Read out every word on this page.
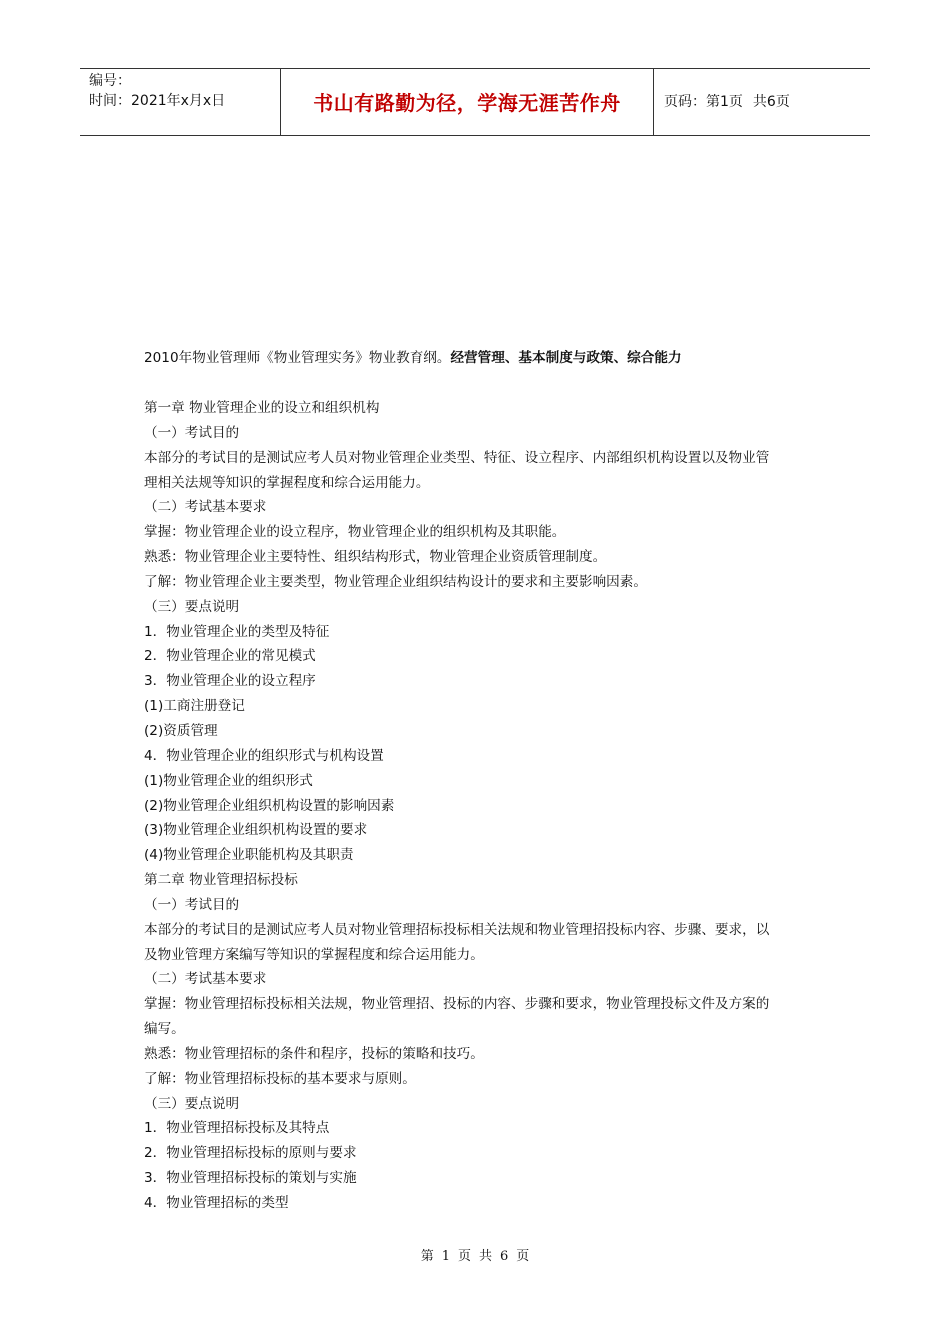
编号：
时间：2021年x月x日	书山有路勤为径，学海无涯苦作舟	页码：第1页 共6页
2010年物业管理师《物业管理实务》物业教育纲。经营管理、基本制度与政策、综合能力
第一章 物业管理企业的设立和组织机构
（一）考试目的
本部分的考试目的是测试应考人员对物业管理企业类型、特征、设立程序、内部组织机构设置以及物业管
理相关法规等知识的掌握程度和综合运用能力。
（二）考试基本要求
掌握：物业管理企业的设立程序，物业管理企业的组织机构及其职能。
熟悉：物业管理企业主要特性、组织结构形式，物业管理企业资质管理制度。
了解：物业管理企业主要类型，物业管理企业组织结构设计的要求和主要影响因素。
（三）要点说明
1．物业管理企业的类型及特征
2．物业管理企业的常见模式
3．物业管理企业的设立程序
(1)工商注册登记
(2)资质管理
4．物业管理企业的组织形式与机构设置
(1)物业管理企业的组织形式
(2)物业管理企业组织机构设置的影响因素
(3)物业管理企业组织机构设置的要求
(4)物业管理企业职能机构及其职责
第二章 物业管理招标投标
（一）考试目的
本部分的考试目的是测试应考人员对物业管理招标投标相关法规和物业管理招投标内容、步骤、要求，以
及物业管理方案编写等知识的掌握程度和综合运用能力。
（二）考试基本要求
掌握：物业管理招标投标相关法规，物业管理招、投标的内容、步骤和要求，物业管理投标文件及方案的
编写。
熟悉：物业管理招标的条件和程序，投标的策略和技巧。
了解：物业管理招标投标的基本要求与原则。
（三）要点说明
1．物业管理招标投标及其特点
2．物业管理招标投标的原则与要求
3．物业管理招标投标的策划与实施
4．物业管理招标的类型
第 1 页 共 6 页
